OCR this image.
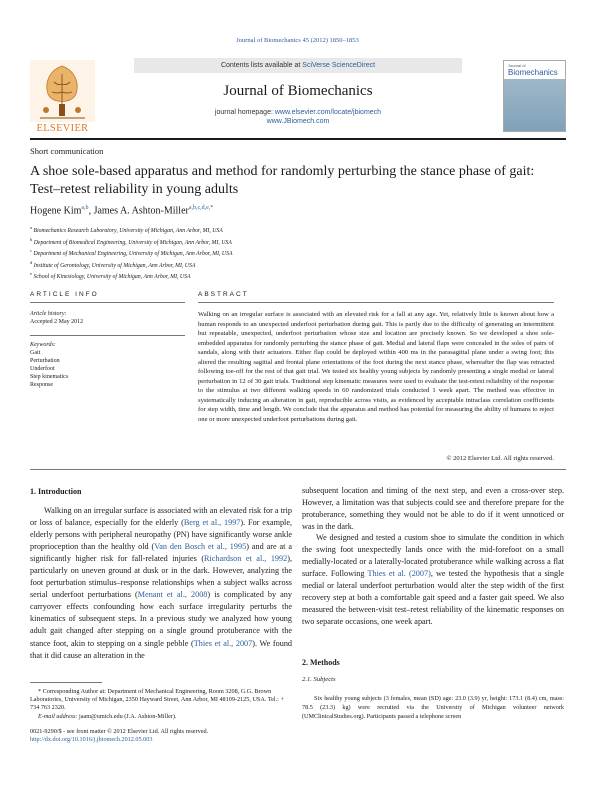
Journal of Biomechanics 45 (2012) 1850–1853
Contents lists available at SciVerse ScienceDirect
ELSEVIER
Journal of Biomechanics
journal homepage: www.elsevier.com/locate/jbiomech
www.JBiomech.com
Journal of
Biomechanics
Short communication
A shoe sole-based apparatus and method for randomly perturbing the stance phase of gait: Test–retest reliability in young adults
Hogene Kim$^{a,b}$, James A. Ashton-Miller$^{a,b,c,d,e,*}$
$^a$ Biomechanics Research Laboratory, University of Michigan, Ann Arbor, MI, USA
$^b$ Department of Biomedical Engineering, University of Michigan, Ann Arbor, MI, USA
$^c$ Department of Mechanical Engineering, University of Michigan, Ann Arbor, MI, USA
$^d$ Institute of Gerontology, University of Michigan, Ann Arbor, MI, USA
$^e$ School of Kinesiology, University of Michigan, Ann Arbor, MI, USA
ARTICLE INFO
Article history:
Accepted 2 May 2012
Keywords:
Gait
Perturbation
Underfoot
Step kinematics
Response
ABSTRACT
Walking on an irregular surface is associated with an elevated risk for a fall at any age. Yet, relatively little is known about how a human responds to an unexpected underfoot perturbation during gait. This is partly due to the difficulty of generating an intermittent but repeatable, unexpected, underfoot perturbation whose size and location are precisely known. So we developed a shoe sole-embedded apparatus for randomly perturbing the stance phase of gait. Medial and lateral flaps were concealed in the soles of pairs of sandals, along with their actuators. Either flap could be deployed within 400 ms in the parasagittal plane under a swing foot; this altered the resulting sagittal and frontal plane orientations of the foot during the next stance phase, whereafter the flap was retracted following toe-off for the rest of that gait trial. We tested six healthy young subjects by randomly presenting a single medial or lateral perturbation in 12 of 30 gait trials. Traditional step kinematic measures were used to evaluate the test-retest reliability of the response to the stimulus at two different walking speeds in 60 randomized trials conducted 1 week apart. The method was effective in systematically inducing an alteration in gait, reproducible across visits, as evidenced by acceptable intraclass correlation coefficients for step width, time and length. We conclude that the apparatus and method has potential for measuring the ability of humans to reject one or more unexpected underfoot perturbations during gait.
© 2012 Elsevier Ltd. All rights reserved.
1. Introduction
Walking on an irregular surface is associated with an elevated risk for a trip or loss of balance, especially for the elderly (Berg et al., 1997). For example, elderly persons with peripheral neuropathy (PN) have significantly worse ankle proprioception than the healthy old (Van den Bosch et al., 1995) and are at a significantly higher risk for fall-related injuries (Richardson et al., 1992), particularly on uneven ground at dusk or in the dark. However, analyzing the foot perturbation stimulus–response relationships when a subject walks across serial underfoot perturbations (Menant et al., 2008) is complicated by any carryover effects confounding how each surface irregularity perturbs the kinematics of subsequent steps. In a previous study we analyzed how young adult gait changed after stepping on a single ground protuberance with the stance foot, akin to stepping on a single pebble (Thies et al., 2007). We found that it did cause an alteration in the
* Corresponding Author at: Department of Mechanical Engineering, Room 3208, G.G. Brown Laboratories, University of Michigan, 2350 Hayward Street, Ann Arbor, MI 48109-2125, USA. Tel.: + 734 763 2320.
E-mail address: jaam@umich.edu (J.A. Ashton-Miller).
0021-9290/$ - see front matter © 2012 Elsevier Ltd. All rights reserved.
http://dx.doi.org/10.1016/j.jbiomech.2012.05.003
subsequent location and timing of the next step, and even a cross-over step. However, a limitation was that subjects could see and therefore prepare for the protuberance, something they would not be able to do if it went unnoticed or was in the dark.
We designed and tested a custom shoe to simulate the condition in which the swing foot unexpectedly lands once with the mid-forefoot on a small medially-located or a laterally-located protuberance while walking across a flat surface. Following Thies et al. (2007), we tested the hypothesis that a single medial or lateral underfoot perturbation would alter the step width of the first recovery step at both a comfortable gait speed and a faster gait speed. We also measured the between-visit test–retest reliability of the kinematic responses on two separate occasions, one week apart.
2. Methods
2.1. Subjects
Six healthy young subjects (3 females, mean (SD) age: 23.0 (3.9) yr, height: 173.1 (8.4) cm, mass: 78.5 (23.3) kg) were recruited via the University of Michigan volunteer network (UMClinicalStudies.org). Participants passed a telephone screen
